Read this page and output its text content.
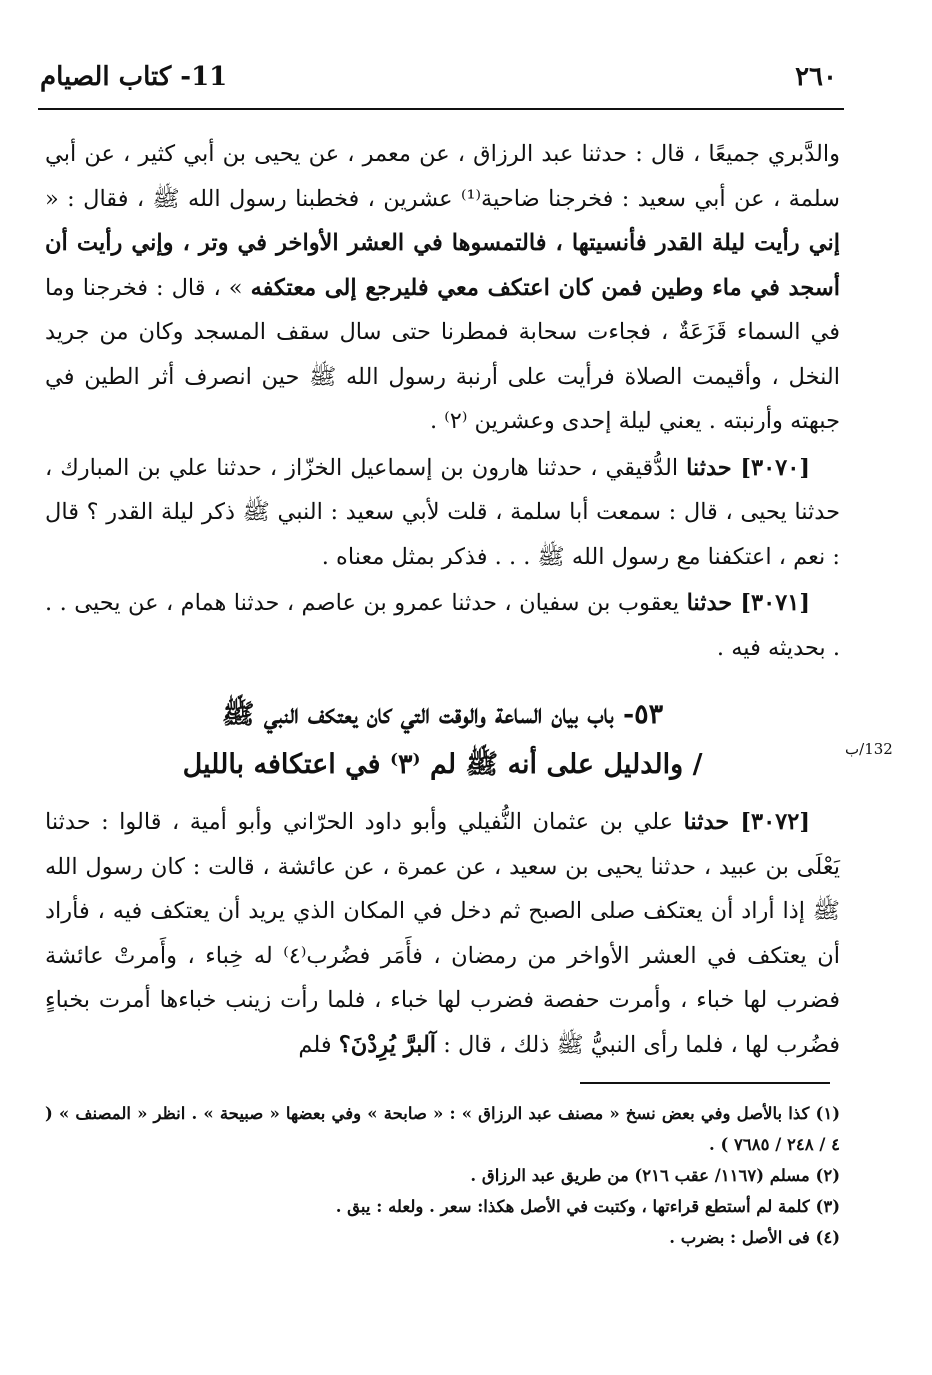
11- كتاب الصيام	٢٦٠

والدَّبري جميعًا ، قال : حدثنا عبد الرزاق ، عن معمر ، عن يحيى بن أبي كثير ، عن أبي سلمة ، عن أبي سعيد : فخرجنا ضاحية⁽¹⁾ عشرين ، فخطبنا رسول الله ﷺ ، فقال : « إني رأيت ليلة القدر فأنسيتها ، فالتمسوها في العشر الأواخر في وتر ، وإني رأيت أن أسجد في ماء وطين فمن كان اعتكف معي فليرجع إلى معتكفه » ، قال : فخرجنا وما في السماء قَزَعَةٌ ، فجاءت سحابة فمطرنا حتى سال سقف المسجد وكان من جريد النخل ، وأقيمت الصلاة فرأيت على أرنبة رسول الله ﷺ حين انصرف أثر الطين في جبهته وأرنبته . يعني ليلة إحدى وعشرين ⁽٢⁾ .

[٣٠٧٠] حدثنا الدُّقيقي ، حدثنا هارون بن إسماعيل الخزّاز ، حدثنا علي بن المبارك ، حدثنا يحيى ، قال : سمعت أبا سلمة ، قلت لأبي سعيد : النبي ﷺ ذكر ليلة القدر ؟ قال : نعم ، اعتكفنا مع رسول الله ﷺ . . . فذكر بمثل معناه .

[٣٠٧١] حدثنا يعقوب بن سفيان ، حدثنا عمرو بن عاصم ، حدثنا همام ، عن يحيى . . . بحديثه فيه .

٥٣- باب بيان الساعة والوقت التي كان يعتكف النبي ﷺ
/ والدليل على أنه ﷺ لم ⁽٣⁾ في اعتكافه بالليل	132/ب

[٣٠٧٢] حدثنا علي بن عثمان النُّفيلي وأبو داود الحرّاني وأبو أمية ، قالوا : حدثنا يَعْلَى بن عبيد ، حدثنا يحيى بن سعيد ، عن عمرة ، عن عائشة ، قالت : كان رسول الله ﷺ إذا أراد أن يعتكف صلى الصبح ثم دخل في المكان الذي يريد أن يعتكف فيه ، فأراد أن يعتكف في العشر الأواخر من رمضان ، فأَمَر فضُرب⁽٤⁾ له خِباء ، وأَمرتْ عائشة فضرب لها خباء ، وأمرت حفصة فضرب لها خباء ، فلما رأت زينب خباءها أمرت بخباءٍ فضُرب لها ، فلما رأى النبيُّ ﷺ ذلك ، قال : آلبرَّ يُرِدْنَ؟ فلم

(١) كذا بالأصل وفي بعض نسخ « مصنف عبد الرزاق » : « صابحة » وفي بعضها « صبيحة » . انظر « المصنف » ( ٤ / ٢٤٨ / ٧٦٨٥ ) .

(٢) مسلم (١١٦٧/ عقب ٢١٦) من طريق عبد الرزاق .

(٣) كلمة لم أستطع قراءتها ، وكتبت في الأصل هكذا: سعر . ولعله : يبق .

(٤) فى الأصل : بضرب .
